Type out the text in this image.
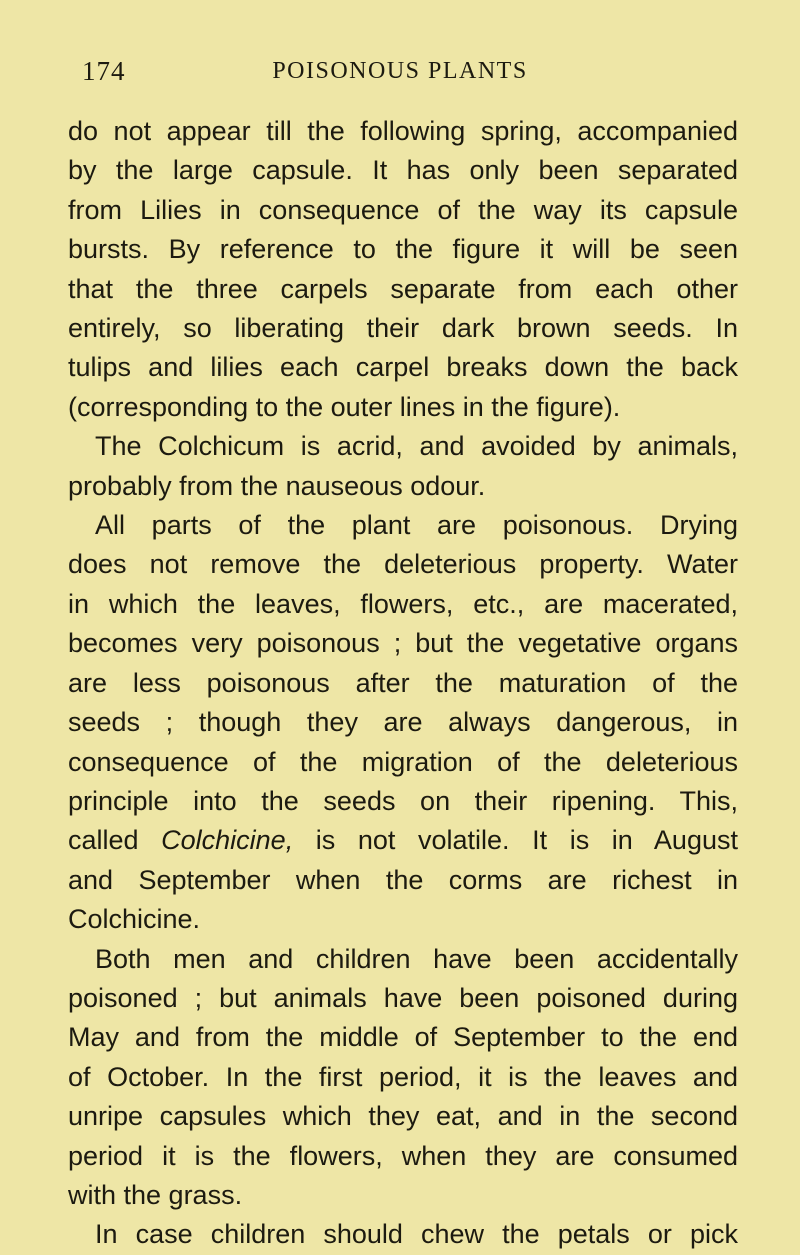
174	POISONOUS PLANTS
do not appear till the following spring, accompanied
by the large capsule. It has only been separated
from Lilies in consequence of the way its capsule
bursts. By reference to the figure it will be seen
that the three carpels separate from each other
entirely, so liberating their dark brown seeds. In
tulips and lilies each carpel breaks down the back
(corresponding to the outer lines in the figure).
The Colchicum is acrid, and avoided by animals,
probably from the nauseous odour.
All parts of the plant are poisonous. Drying
does not remove the deleterious property. Water
in which the leaves, flowers, etc., are macerated,
becomes very poisonous ; but the vegetative organs
are less poisonous after the maturation of the
seeds ; though they are always dangerous, in
consequence of the migration of the deleterious
principle into the seeds on their ripening. This,
called Colchicine, is not volatile. It is in August
and September when the corms are richest in
Colchicine.
Both men and children have been accidentally
poisoned ; but animals have been poisoned during
May and from the middle of September to the end
of October. In the first period, it is the leaves and
unripe capsules which they eat, and in the second
period it is the flowers, when they are consumed
with the grass.
In case children should chew the petals or pick
